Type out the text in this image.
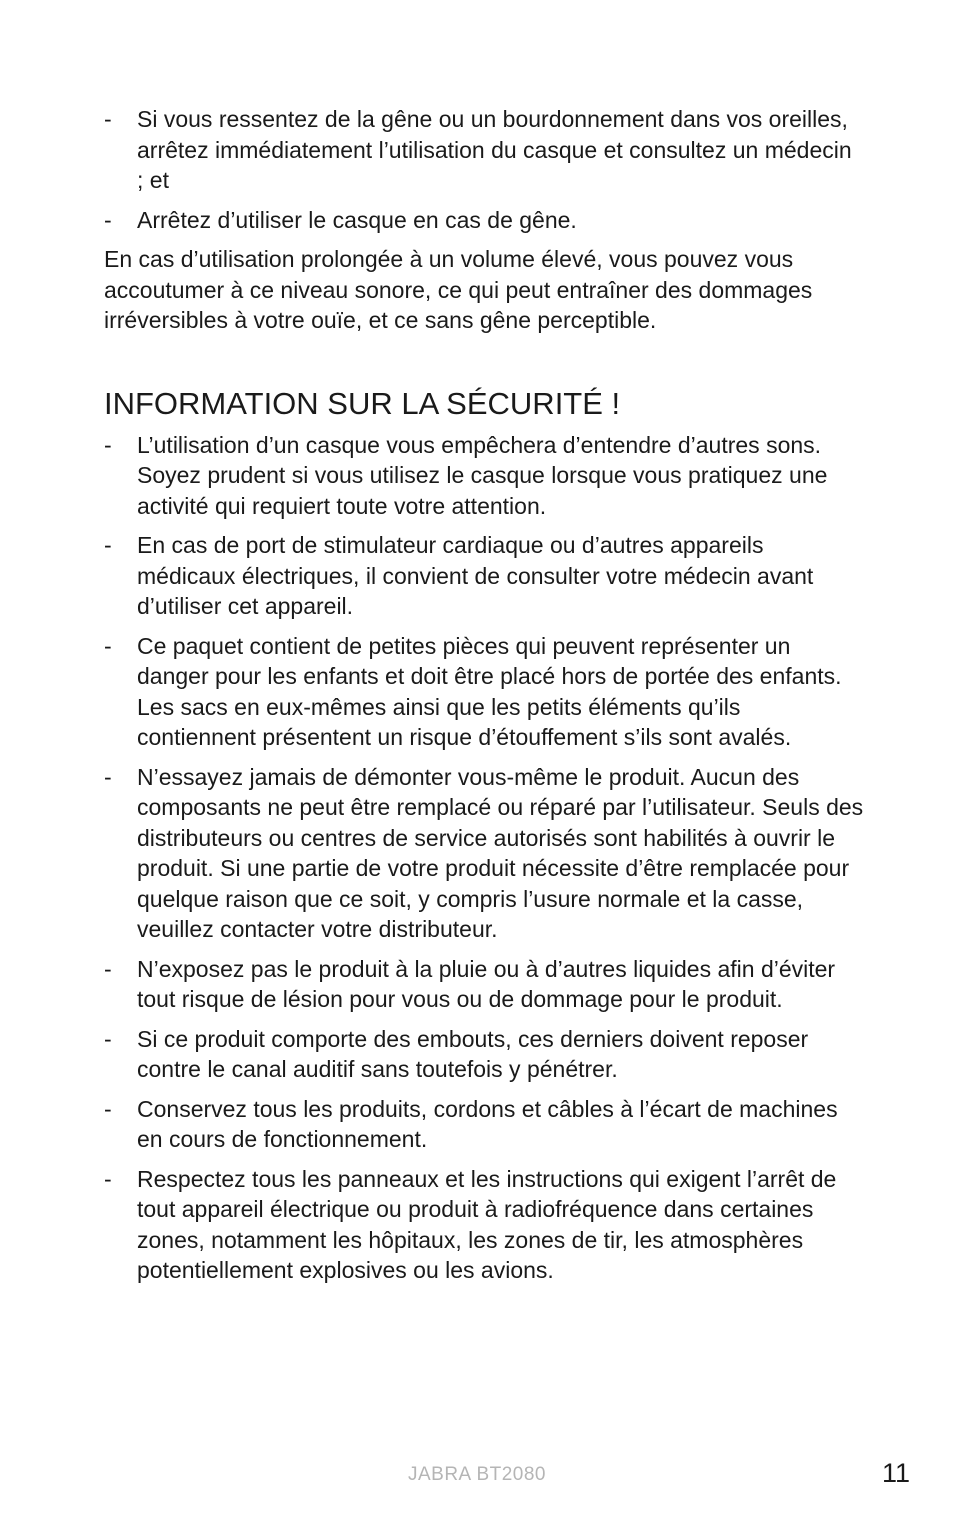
- Si vous ressentez de la gêne ou un bourdonnement dans vos oreilles, arrêtez immédiatement l’utilisation du casque et consultez un médecin ; et
- Arrêtez d’utiliser le casque en cas de gêne.

En cas d’utilisation prolongée à un volume élevé, vous pouvez vous accoutumer à ce niveau sonore, ce qui peut entraîner des dommages irréversibles à votre ouïe, et ce sans gêne perceptible.

INFORMATION SUR LA SÉCURITÉ !
- L’utilisation d’un casque vous empêchera d’entendre d’autres sons. Soyez prudent si vous utilisez le casque lorsque vous pratiquez une activité qui requiert toute votre attention.
- En cas de port de stimulateur cardiaque ou d’autres appareils médicaux électriques, il convient de consulter votre médecin avant d’utiliser cet appareil.
- Ce paquet contient de petites pièces qui peuvent représenter un danger pour les enfants et doit être placé hors de portée des enfants. Les sacs en eux-mêmes ainsi que les petits éléments qu’ils contiennent présentent un risque d’étouffement s’ils sont avalés.
- N’essayez jamais de démonter vous-même le produit. Aucun des composants ne peut être remplacé ou réparé par l’utilisateur. Seuls des distributeurs ou centres de service autorisés sont habilités à ouvrir le produit. Si une partie de votre produit nécessite d’être remplacée pour quelque raison que ce soit, y compris l’usure normale et la casse, veuillez contacter votre distributeur.
- N’exposez pas le produit à la pluie ou à d’autres liquides afin d’éviter tout risque de lésion pour vous ou de dommage pour le produit.
- Si ce produit comporte des embouts, ces derniers doivent reposer contre le canal auditif sans toutefois y pénétrer.
- Conservez tous les produits, cordons et câbles à l’écart de machines en cours de fonctionnement.
- Respectez tous les panneaux et les instructions qui exigent l’arrêt de tout appareil électrique ou produit à radiofréquence dans certaines zones, notamment les hôpitaux, les zones de tir, les atmosphères potentiellement explosives ou les avions.
JABRA BT2080	11
